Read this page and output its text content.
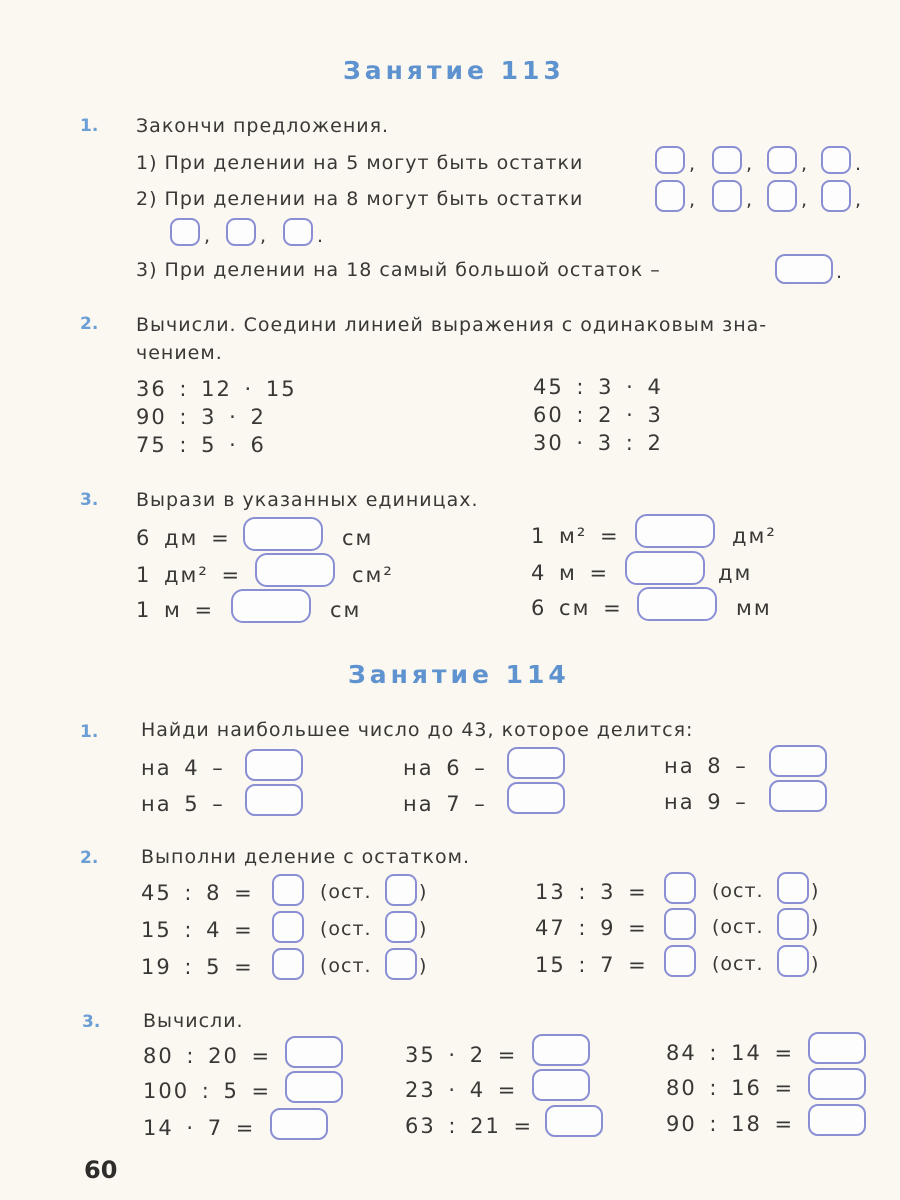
Занятие 113
1. Закончи предложения.
1) При делении на 5 могут быть остатки	,	,	,	.
2) При делении на 8 могут быть остатки	,	,	,	,
,	,	.
3) При делении на 18 самый большой остаток –	.
2. Вычисли. Соедини линией выражения с одинаковым зна-
чением.
36 : 12 · 15
90 : 3 · 2
75 : 5 · 6
45 : 3 · 4
60 : 2 · 3
30 · 3 : 2
3. Вырази в указанных единицах.
6 дм =	см
1 дм² =	см²
1 м =	см
1 м² =	дм²
4 м =	дм
6 см =	мм
Занятие 114
1. Найди наибольшее число до 43, которое делится:
на 4 –	на 6 –	на 8 –
на 5 –	на 7 –	на 9 –
2. Выполни деление с остатком.
45 : 8 =	(ост. )
15 : 4 =	(ост. )
19 : 5 =	(ост. )
13 : 3 =	(ост. )
47 : 9 =	(ост. )
15 : 7 =	(ост. )
3. Вычисли.
80 : 20 =
100 : 5 =
14 · 7 =
35 · 2 =
23 · 4 =
63 : 21 =
84 : 14 =
80 : 16 =
90 : 18 =
60
